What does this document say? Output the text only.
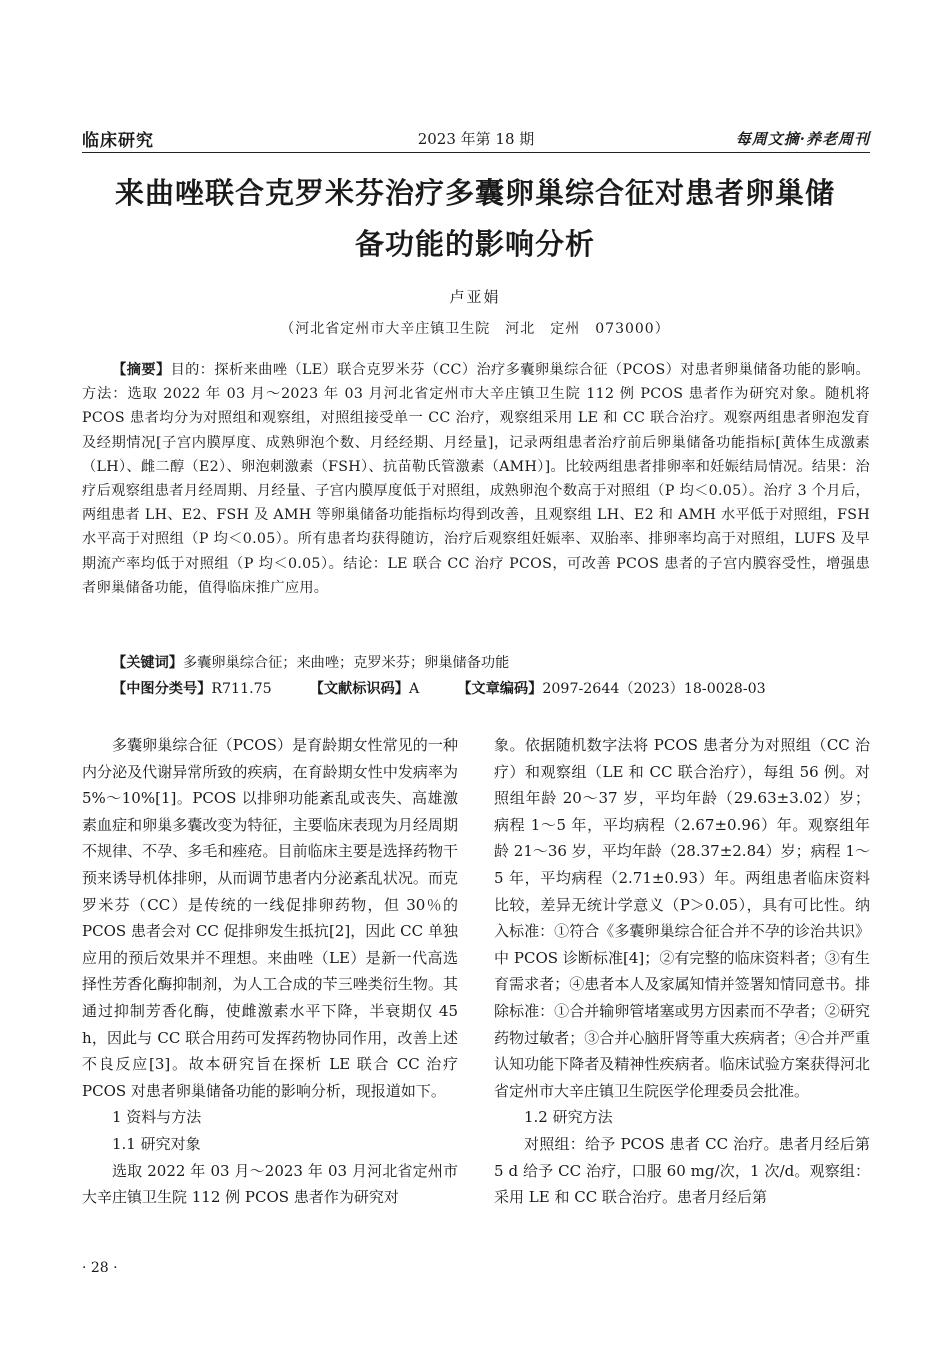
临床研究	2023 年第 18 期	每周文摘·养老周刊
来曲唑联合克罗米芬治疗多囊卵巢综合征对患者卵巢储
备功能的影响分析
卢亚娟
（河北省定州市大辛庄镇卫生院　河北　定州　073000）
【摘要】目的：探析来曲唑（LE）联合克罗米芬（CC）治疗多囊卵巢综合征（PCOS）对患者卵巢储备功能的影响。方法：选取 2022 年 03 月～2023 年 03 月河北省定州市大辛庄镇卫生院 112 例 PCOS 患者作为研究对象。随机将 PCOS 患者均分为对照组和观察组，对照组接受单一 CC 治疗，观察组采用 LE 和 CC 联合治疗。观察两组患者卵泡发育及经期情况[子宫内膜厚度、成熟卵泡个数、月经经期、月经量]，记录两组患者治疗前后卵巢储备功能指标[黄体生成激素（LH）、雌二醇（E2）、卵泡刺激素（FSH）、抗苗勒氏管激素（AMH）]。比较两组患者排卵率和妊娠结局情况。结果：治疗后观察组患者月经周期、月经量、子宫内膜厚度低于对照组，成熟卵泡个数高于对照组（P 均＜0.05）。治疗 3 个月后，两组患者 LH、E2、FSH 及 AMH 等卵巢储备功能指标均得到改善，且观察组 LH、E2 和 AMH 水平低于对照组，FSH 水平高于对照组（P 均＜0.05）。所有患者均获得随访，治疗后观察组妊娠率、双胎率、排卵率均高于对照组，LUFS 及早期流产率均低于对照组（P 均＜0.05）。结论：LE 联合 CC 治疗 PCOS，可改善 PCOS 患者的子宫内膜容受性，增强患者卵巢储备功能，值得临床推广应用。
【关键词】多囊卵巢综合征；来曲唑；克罗米芬；卵巢储备功能
【中图分类号】R711.75	【文献标识码】A	【文章编码】2097-2644（2023）18-0028-03

多囊卵巢综合征（PCOS）是育龄期女性常见的一种内分泌及代谢异常所致的疾病，在育龄期女性中发病率为 5%～10%[1]。PCOS 以排卵功能紊乱或丧失、高雄激素血症和卵巢多囊改变为特征，主要临床表现为月经周期不规律、不孕、多毛和痤疮。目前临床主要是选择药物干预来诱导机体排卵，从而调节患者内分泌紊乱状况。而克罗米芬（CC）是传统的一线促排卵药物，但 30％的 PCOS 患者会对 CC 促排卵发生抵抗[2]，因此 CC 单独应用的预后效果并不理想。来曲唑（LE）是新一代高选择性芳香化酶抑制剂，为人工合成的苄三唑类衍生物。其通过抑制芳香化酶，使雌激素水平下降，半衰期仅 45 h，因此与 CC 联合用药可发挥药物协同作用，改善上述不良反应[3]。故本研究旨在探析 LE 联合 CC 治疗 PCOS 对患者卵巢储备功能的影响分析，现报道如下。

1 资料与方法

1.1 研究对象

选取 2022 年 03 月～2023 年 03 月河北省定州市大辛庄镇卫生院 112 例 PCOS 患者作为研究对

象。依据随机数字法将 PCOS 患者分为对照组（CC 治疗）和观察组（LE 和 CC 联合治疗），每组 56 例。对照组年龄 20～37 岁，平均年龄（29.63±3.02）岁；病程 1～5 年，平均病程（2.67±0.96）年。观察组年龄 21～36 岁，平均年龄（28.37±2.84）岁；病程 1～5 年，平均病程（2.71±0.93）年。两组患者临床资料比较，差异无统计学意义（P＞0.05），具有可比性。纳入标准：①符合《多囊卵巢综合征合并不孕的诊治共识》中 PCOS 诊断标准[4]；②有完整的临床资料者；③有生育需求者；④患者本人及家属知情并签署知情同意书。排除标准：①合并输卵管堵塞或男方因素而不孕者；②研究药物过敏者；③合并心脑肝肾等重大疾病者；④合并严重认知功能下降者及精神性疾病者。临床试验方案获得河北省定州市大辛庄镇卫生院医学伦理委员会批准。

1.2 研究方法

对照组：给予 PCOS 患者 CC 治疗。患者月经后第 5 d 给予 CC 治疗，口服 60 mg/次，1 次/d。观察组：采用 LE 和 CC 联合治疗。患者月经后第

· 28 ·
